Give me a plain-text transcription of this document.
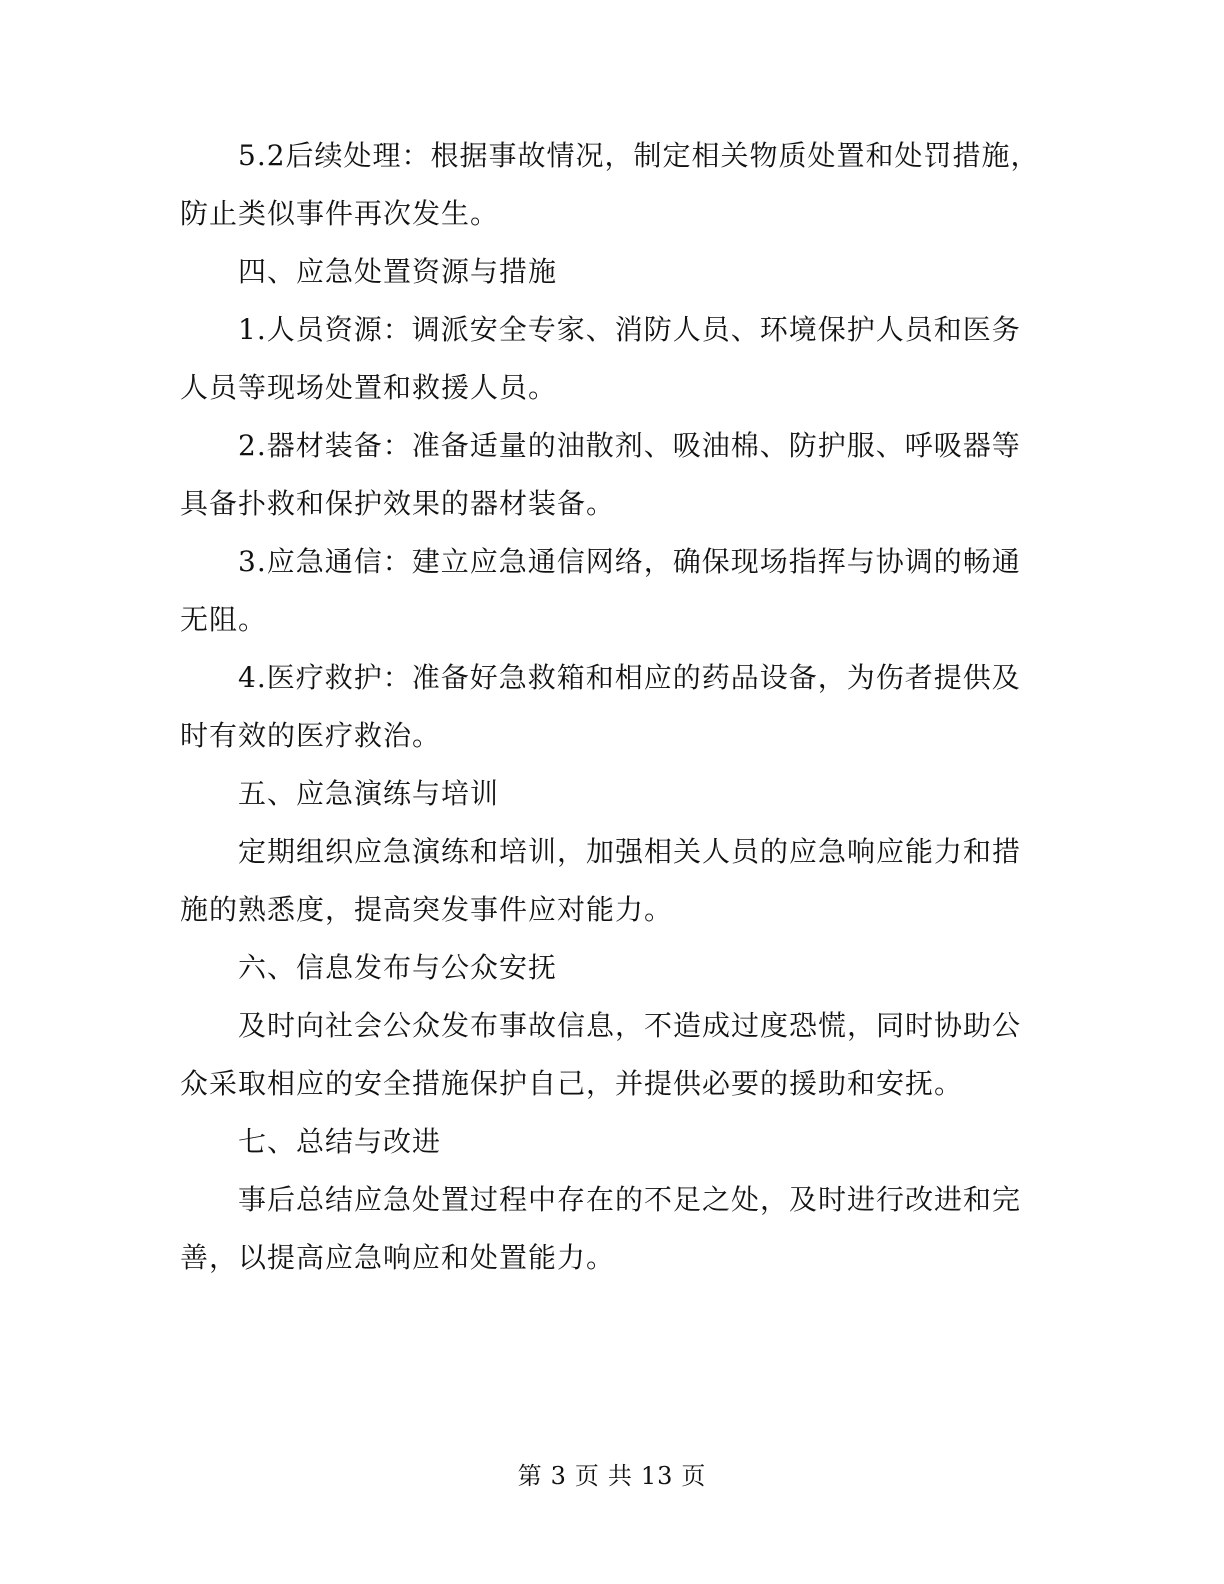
5.2后续处理：根据事故情况，制定相关物质处置和处罚措施，防止类似事件再次发生。

四、应急处置资源与措施

1.人员资源：调派安全专家、消防人员、环境保护人员和医务人员等现场处置和救援人员。

2.器材装备：准备适量的油散剂、吸油棉、防护服、呼吸器等具备扑救和保护效果的器材装备。

3.应急通信：建立应急通信网络，确保现场指挥与协调的畅通无阻。

4.医疗救护：准备好急救箱和相应的药品设备，为伤者提供及时有效的医疗救治。

五、应急演练与培训

定期组织应急演练和培训，加强相关人员的应急响应能力和措施的熟悉度，提高突发事件应对能力。

六、信息发布与公众安抚

及时向社会公众发布事故信息，不造成过度恐慌，同时协助公众采取相应的安全措施保护自己，并提供必要的援助和安抚。

七、总结与改进

事后总结应急处置过程中存在的不足之处，及时进行改进和完善，以提高应急响应和处置能力。

第 3 页 共 13 页
